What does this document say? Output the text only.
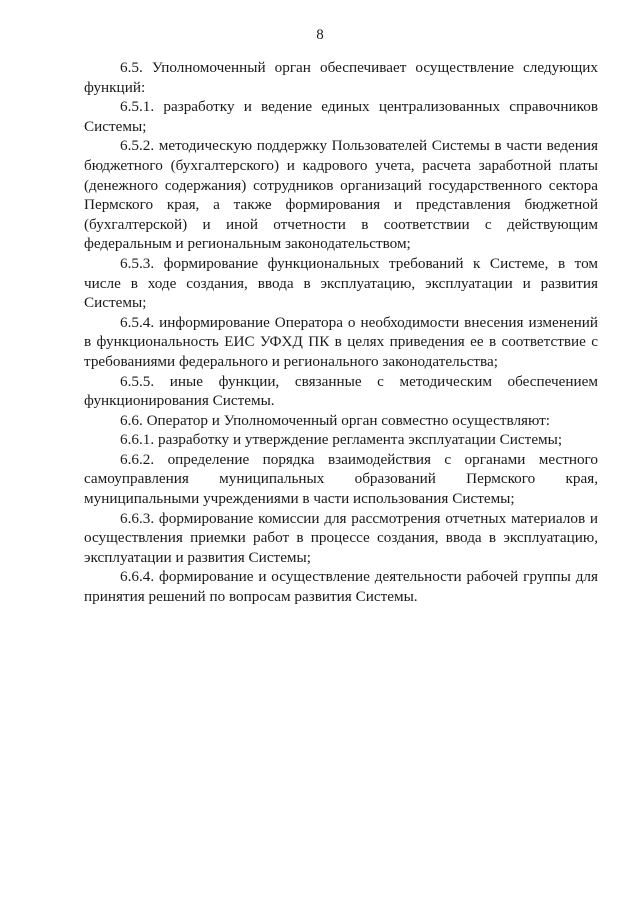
8

6.5. Уполномоченный орган обеспечивает осуществление следующих функций:

6.5.1. разработку и ведение единых централизованных справочников Системы;

6.5.2. методическую поддержку Пользователей Системы в части ведения бюджетного (бухгалтерского) и кадрового учета, расчета заработной платы (денежного содержания) сотрудников организаций государственного сектора Пермского края, а также формирования и представления бюджетной (бухгалтерской) и иной отчетности в соответствии с действующим федеральным и региональным законодательством;

6.5.3. формирование функциональных требований к Системе, в том числе в ходе создания, ввода в эксплуатацию, эксплуатации и развития Системы;

6.5.4. информирование Оператора о необходимости внесения изменений в функциональность ЕИС УФХД ПК в целях приведения ее в соответствие с требованиями федерального и регионального законодательства;

6.5.5. иные функции, связанные с методическим обеспечением функционирования Системы.

6.6. Оператор и Уполномоченный орган совместно осуществляют:

6.6.1. разработку и утверждение регламента эксплуатации Системы;

6.6.2. определение порядка взаимодействия с органами местного самоуправления муниципальных образований Пермского края, муниципальными учреждениями в части использования Системы;

6.6.3. формирование комиссии для рассмотрения отчетных материалов и осуществления приемки работ в процессе создания, ввода в эксплуатацию, эксплуатации и развития Системы;

6.6.4. формирование и осуществление деятельности рабочей группы для принятия решений по вопросам развития Системы.
